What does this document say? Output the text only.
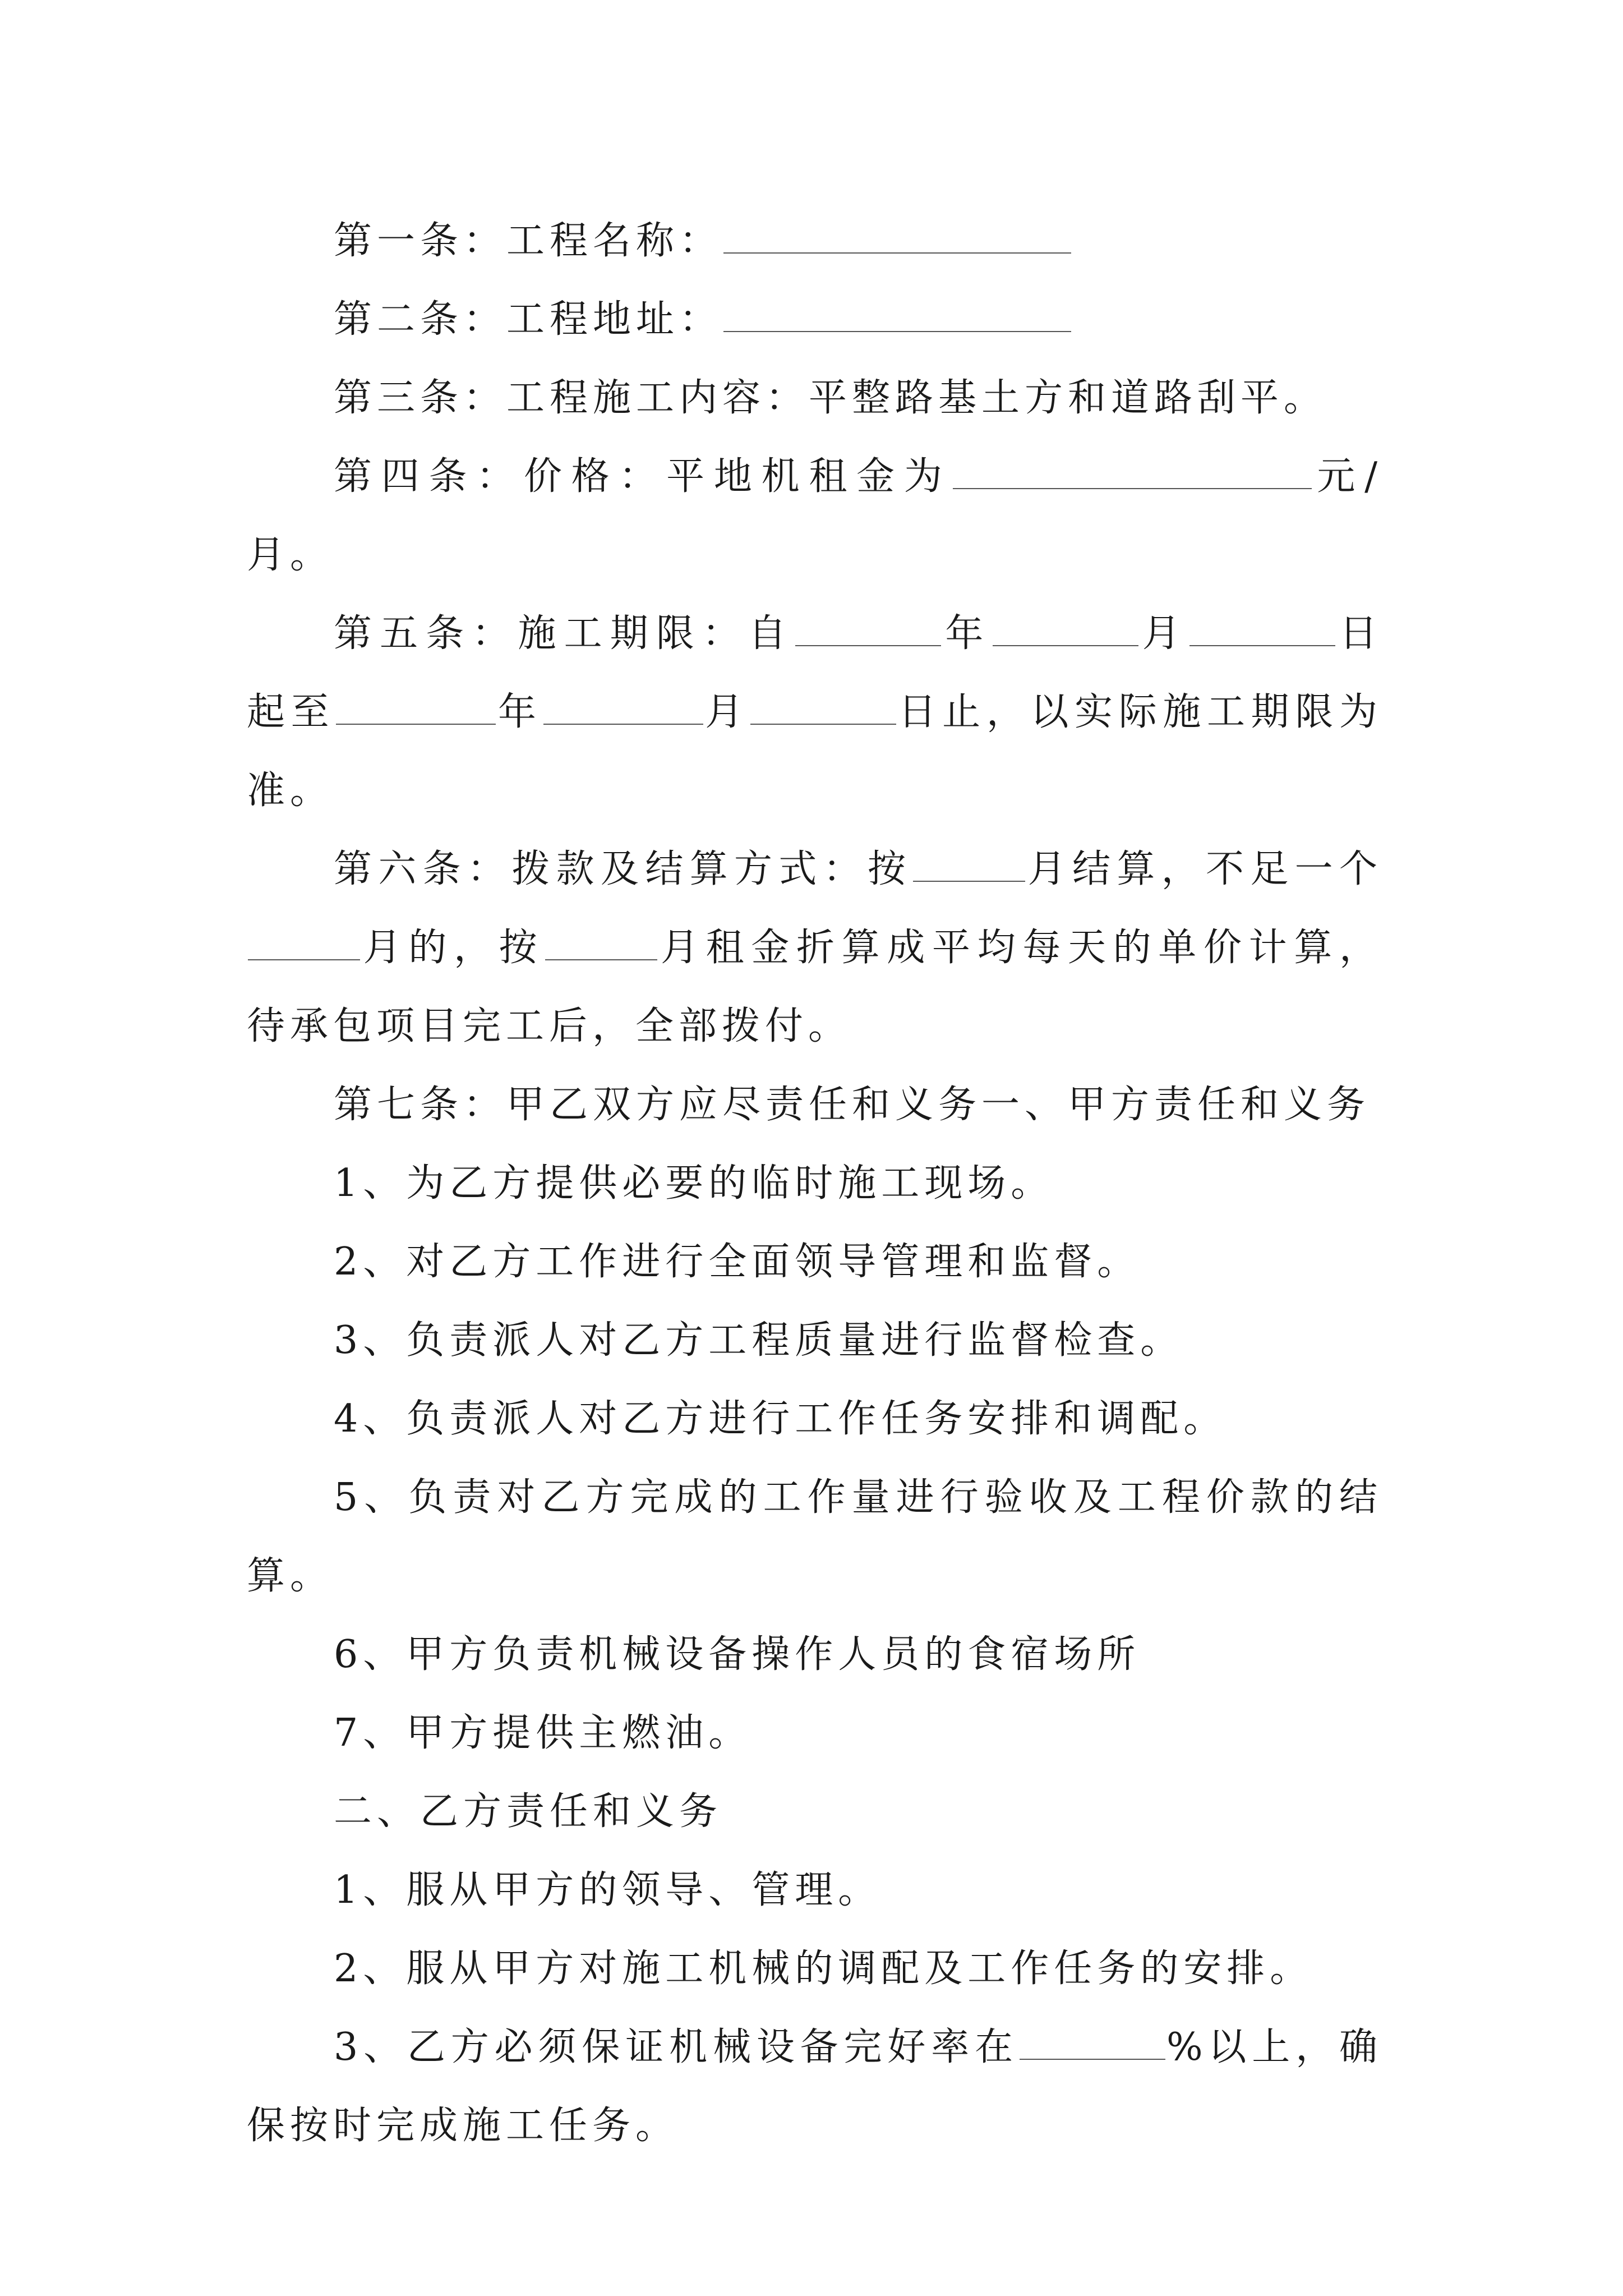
第一条：工程名称：

第二条：工程地址：

第三条：工程施工内容：平整路基土方和道路刮平。

第四条：价格：平地机租金为	元/月。

第五条：施工期限：自	年	月	日起至	年	月	日止，以实际施工期限为准。

第六条：拨款及结算方式：按	月结算，不足一个月的，按	月租金折算成平均每天的单价计算，待承包项目完工后，全部拨付。

第七条：甲乙双方应尽责任和义务一、甲方责任和义务

1、为乙方提供必要的临时施工现场。

2、对乙方工作进行全面领导管理和监督。

3、负责派人对乙方工程质量进行监督检查。

4、负责派人对乙方进行工作任务安排和调配。

5、负责对乙方完成的工作量进行验收及工程价款的结算。

6、甲方负责机械设备操作人员的食宿场所

7、甲方提供主燃油。

二、乙方责任和义务

1、服从甲方的领导、管理。

2、服从甲方对施工机械的调配及工作任务的安排。

3、乙方必须保证机械设备完好率在	%以上，确保按时完成施工任务。
